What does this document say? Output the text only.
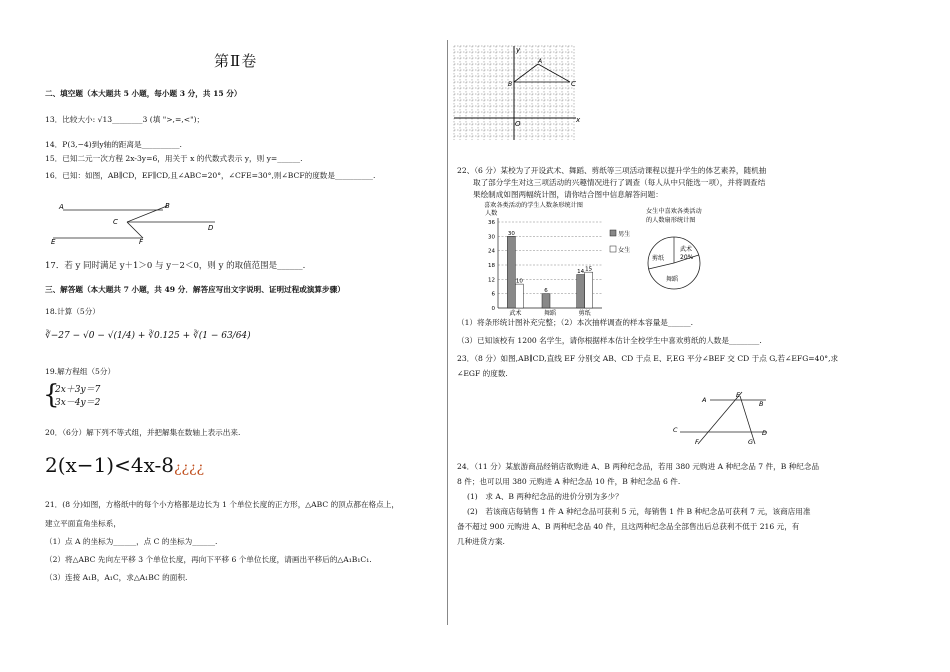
第Ⅱ卷
二、填空题（本大题共 5 小题，每小题 3 分，共 15 分）
13．比较大小: √13________3 (填 ">,=,<")；
14．P(3,−4)到y轴的距离是__________.
15．已知二元一次方程 2x-3y=6，用关于 x 的代数式表示 y，则 y=______.
16．已知：如图，AB∥CD，EF∥CD,且∠ABC=20°，∠CFE=30°,则∠BCF的度数是__________.
A	B
C
D
E	F
17．若 y 同时满足 y＋1＞0 与 y－2＜0，则 y 的取值范围是______.
三、解答题（本大题共 7 小题，共 49 分．解答应写出文字说明、证明过程或演算步骤）
18.计算（5分）
∛−27 − √0 − √(1/4) + ∛0.125 + ∛(1 − 63/64)
19.解方程组（5分）
{
2x＋3y＝7
3x－4y＝2
20．（6分）解下列不等式组，并把解集在数轴上表示出来.
2(x−1)<4x-8¿¿¿¿
21．(8 分)如图，方格纸中的每个小方格都是边长为 1 个单位长度的正方形，△ABC 的顶点都在格点上，
建立平面直角坐标系，
（1）点 A 的坐标为______，点 C 的坐标为______.
（2）将△ABC 先向左平移 3 个单位长度，再向下平移 6 个单位长度，请画出平移后的△A₁B₁C₁.
（3）连接 A₁B，A₁C，求△A₁BC 的面积.
y
x
O
A
B	C
22、（6 分）某校为了开设武术、舞蹈、剪纸等三项活动课程以提升学生的体艺素养，随机抽
取了部分学生对这三项活动的兴趣情况进行了调查（每人从中只能选一项），并将调查结
果绘制成如图两幅统计图，请你结合图中信息解答问题：
喜欢各类活动的学生人数条形统计图
人数
0
6
12
18
24
30
36
30
10
武术
6
舞蹈
14 15
剪纸
男生
女生
女生中喜欢各类活动
的人数扇形统计图
武术
20%
剪纸
舞蹈
（1）将条形统计图补充完整；（2）本次抽样调查的样本容量是______.
（3）已知该校有 1200 名学生，请你根据样本估计全校学生中喜欢剪纸的人数是________.
23．（8 分）如图,AB∥CD,直线 EF 分别交 AB、CD 于点 E、F,EG 平分∠BEF 交 CD 于点 G,若∠EFG=40°,求
∠EGF 的度数.
A
E
B
C
F	G
D
24．（11 分）某旅游商品经销店欲购进 A、B 两种纪念品，若用 380 元购进 A 种纪念品 7 件，B 种纪念品
8 件；也可以用 380 元购进 A 种纪念品 10 件，B 种纪念品 6 件.
(1)　求 A、B 两种纪念品的进价分别为多少？
(2)　若该商店每销售 1 件 A 种纪念品可获利 5 元，每销售 1 件 B 种纪念品可获利 7 元，该商店用准
备不超过 900 元购进 A、B 两种纪念品 40 件，且这两种纪念品全部售出后总获利不低于 216 元，有
几种进货方案.
